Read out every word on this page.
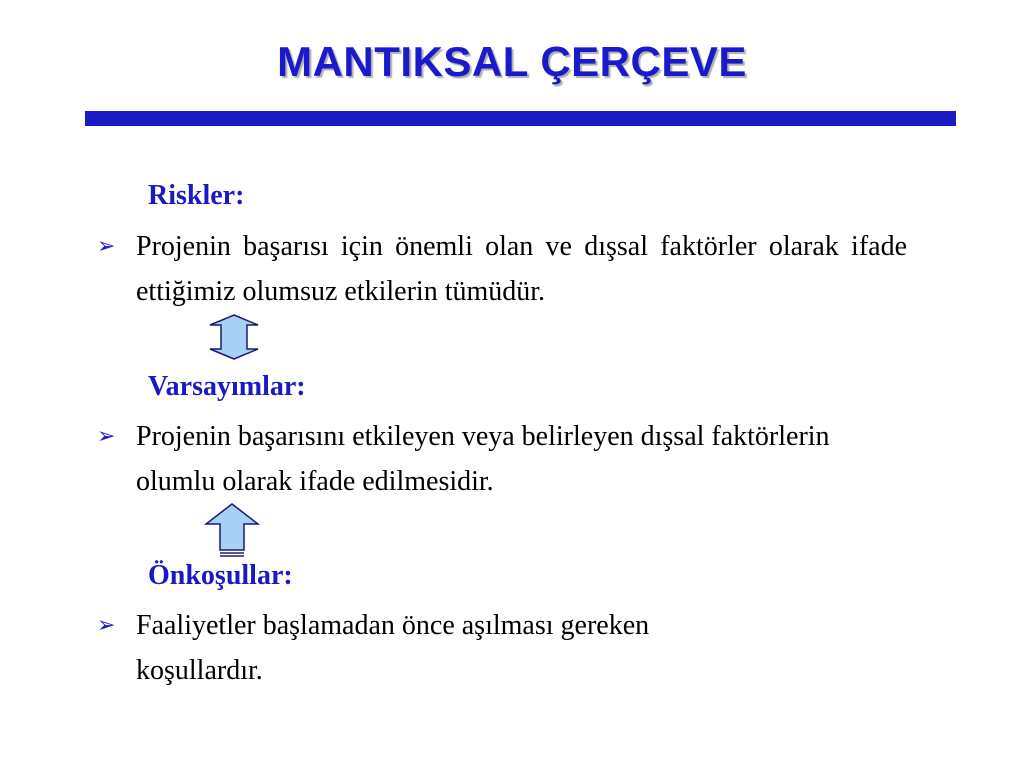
MANTIKSAL ÇERÇEVE
Riskler:
➢ Projenin başarısı için önemli olan ve dışsal faktörler olarak ifade ettiğimiz olumsuz etkilerin tümüdür.
Varsayımlar:
➢ Projenin başarısını etkileyen veya belirleyen dışsal faktörlerin olumlu olarak ifade edilmesidir.
Önkoşullar:
➢ Faaliyetler başlamadan önce aşılması gereken koşullardır.
